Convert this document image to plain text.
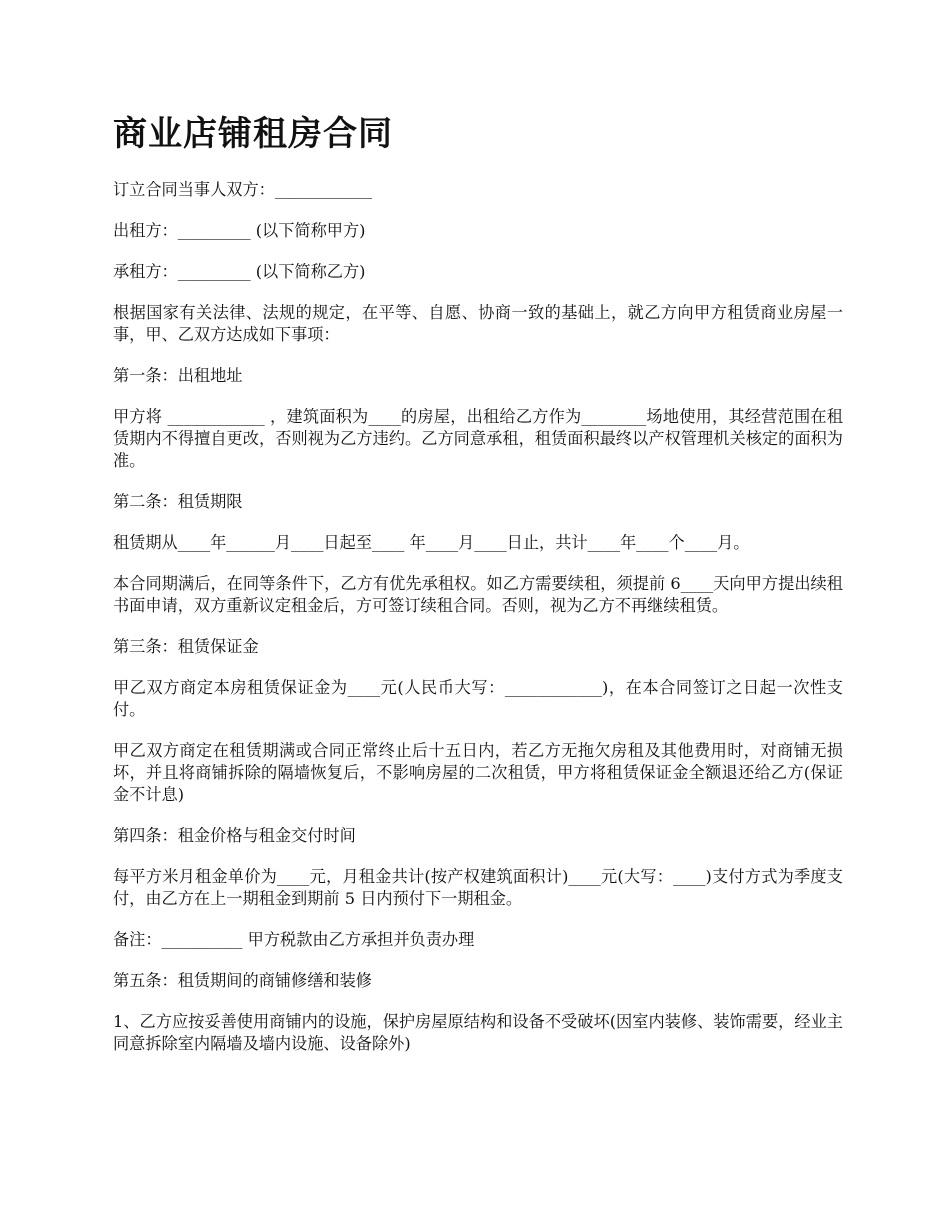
商业店铺租房合同

订立合同当事人双方：____________

出租方：_________ (以下简称甲方)

承租方：_________ (以下简称乙方)

根据国家有关法律、法规的规定，在平等、自愿、协商一致的基础上，就乙方向甲方租赁商业房屋一事，甲、乙双方达成如下事项：

第一条：出租地址

甲方将 ____________ ，建筑面积为____的房屋，出租给乙方作为________场地使用，其经营范围在租赁期内不得擅自更改，否则视为乙方违约。乙方同意承租，租赁面积最终以产权管理机关核定的面积为准。

第二条：租赁期限

租赁期从____年______月____日起至____ 年____月____日止，共计____年____个____月。

本合同期满后，在同等条件下，乙方有优先承租权。如乙方需要续租，须提前 6____天向甲方提出续租书面申请，双方重新议定租金后，方可签订续租合同。否则，视为乙方不再继续租赁。

第三条：租赁保证金

甲乙双方商定本房租赁保证金为____元(人民币大写：____________)，在本合同签订之日起一次性支付。

甲乙双方商定在租赁期满或合同正常终止后十五日内，若乙方无拖欠房租及其他费用时，对商铺无损坏，并且将商铺拆除的隔墙恢复后，不影响房屋的二次租赁，甲方将租赁保证金全额退还给乙方(保证金不计息)

第四条：租金价格与租金交付时间

每平方米月租金单价为____元，月租金共计(按产权建筑面积计)____元(大写：____)支付方式为季度支付，由乙方在上一期租金到期前 5 日内预付下一期租金。

备注：__________ 甲方税款由乙方承担并负责办理

第五条：租赁期间的商铺修缮和装修

1、乙方应按妥善使用商铺内的设施，保护房屋原结构和设备不受破坏(因室内装修、装饰需要，经业主同意拆除室内隔墙及墙内设施、设备除外)
